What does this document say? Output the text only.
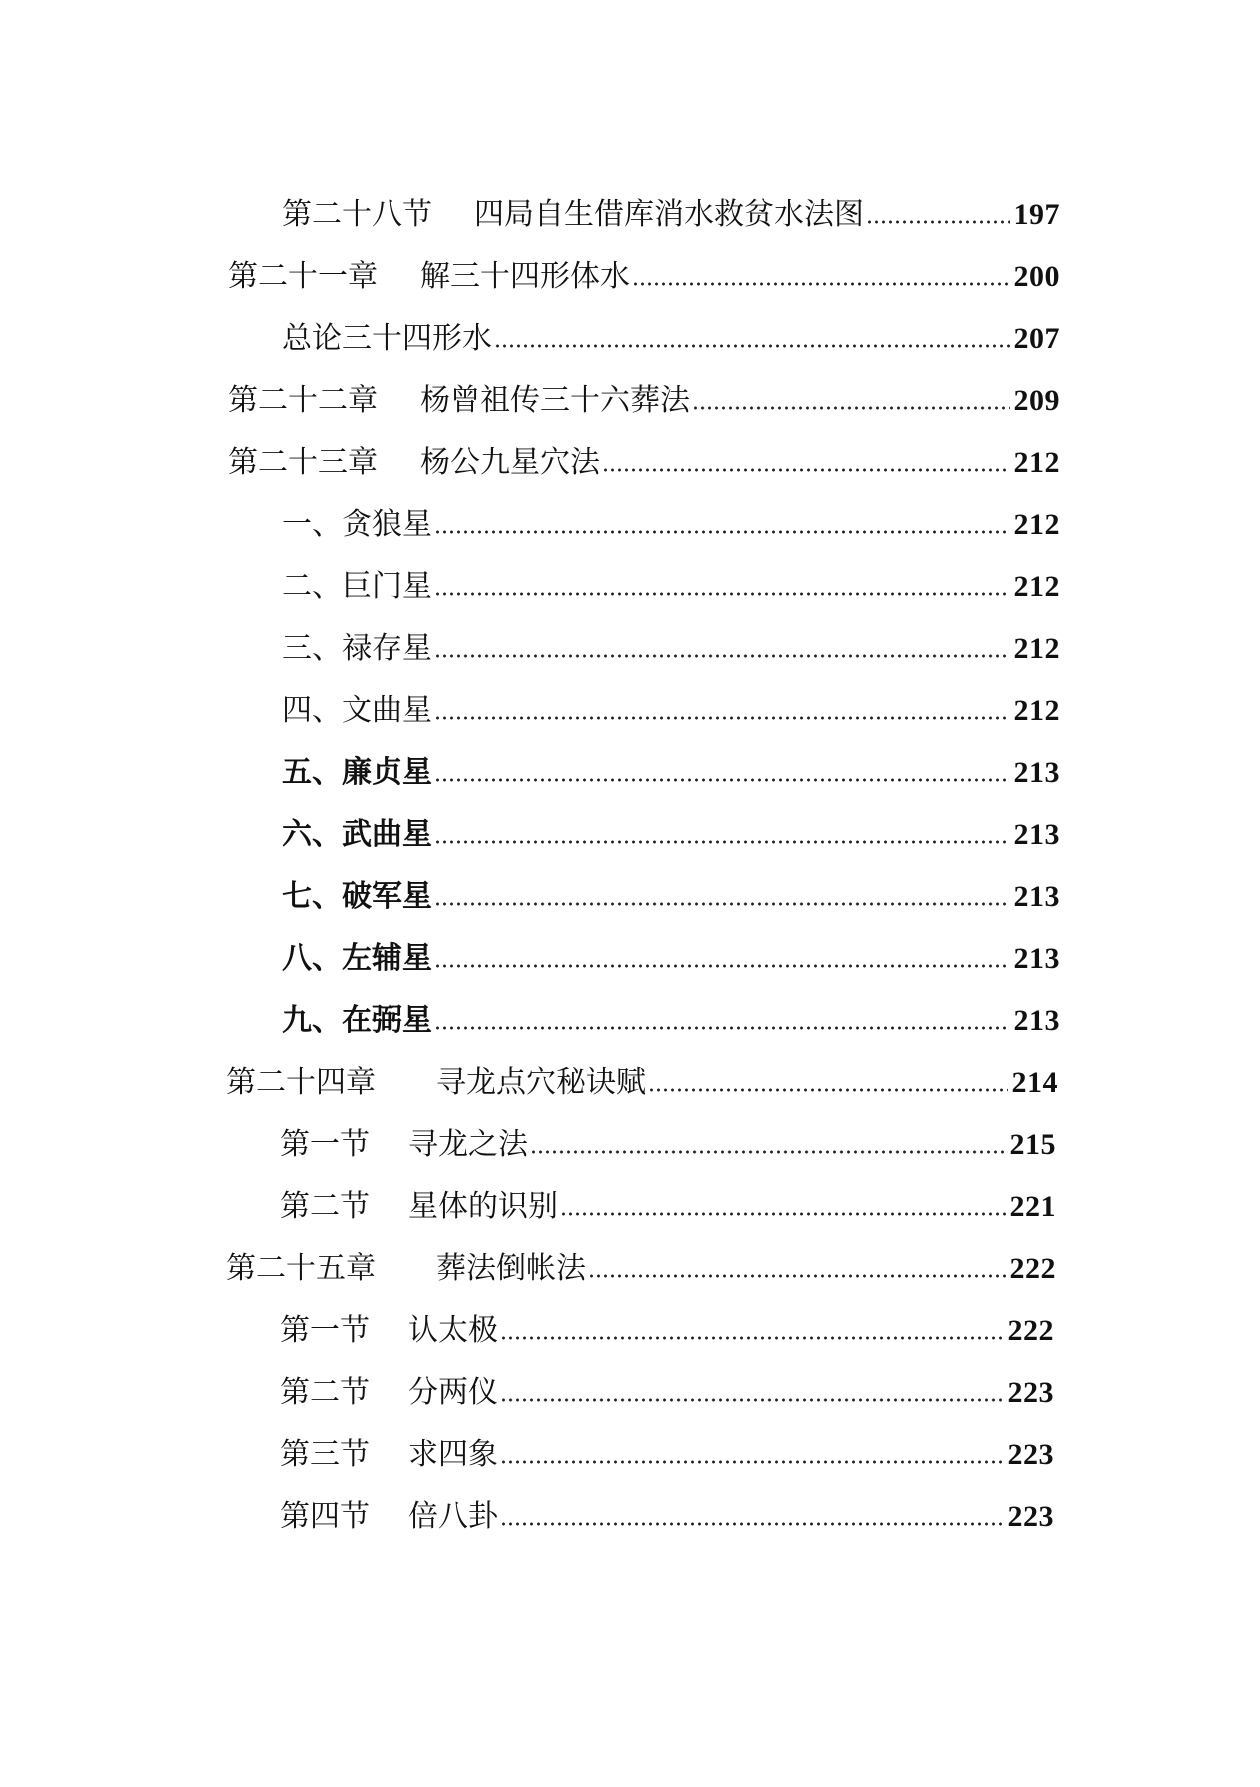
第二十八节	四局自生借库消水救贫水法图	197
第二十一章	解三十四形体水	200
总论三十四形水	207
第二十二章	杨曾祖传三十六葬法	209
第二十三章	杨公九星穴法	212
一、贪狼星	212
二、巨门星	212
三、禄存星	212
四、文曲星	212
五、廉贞星	213
六、武曲星	213
七、破军星	213
八、左辅星	213
九、在弼星	213
第二十四章	寻龙点穴秘诀赋	214
第一节	寻龙之法	215
第二节	星体的识别	221
第二十五章	葬法倒帐法	222
第一节	认太极	222
第二节	分两仪	223
第三节	求四象	223
第四节	倍八卦	223
